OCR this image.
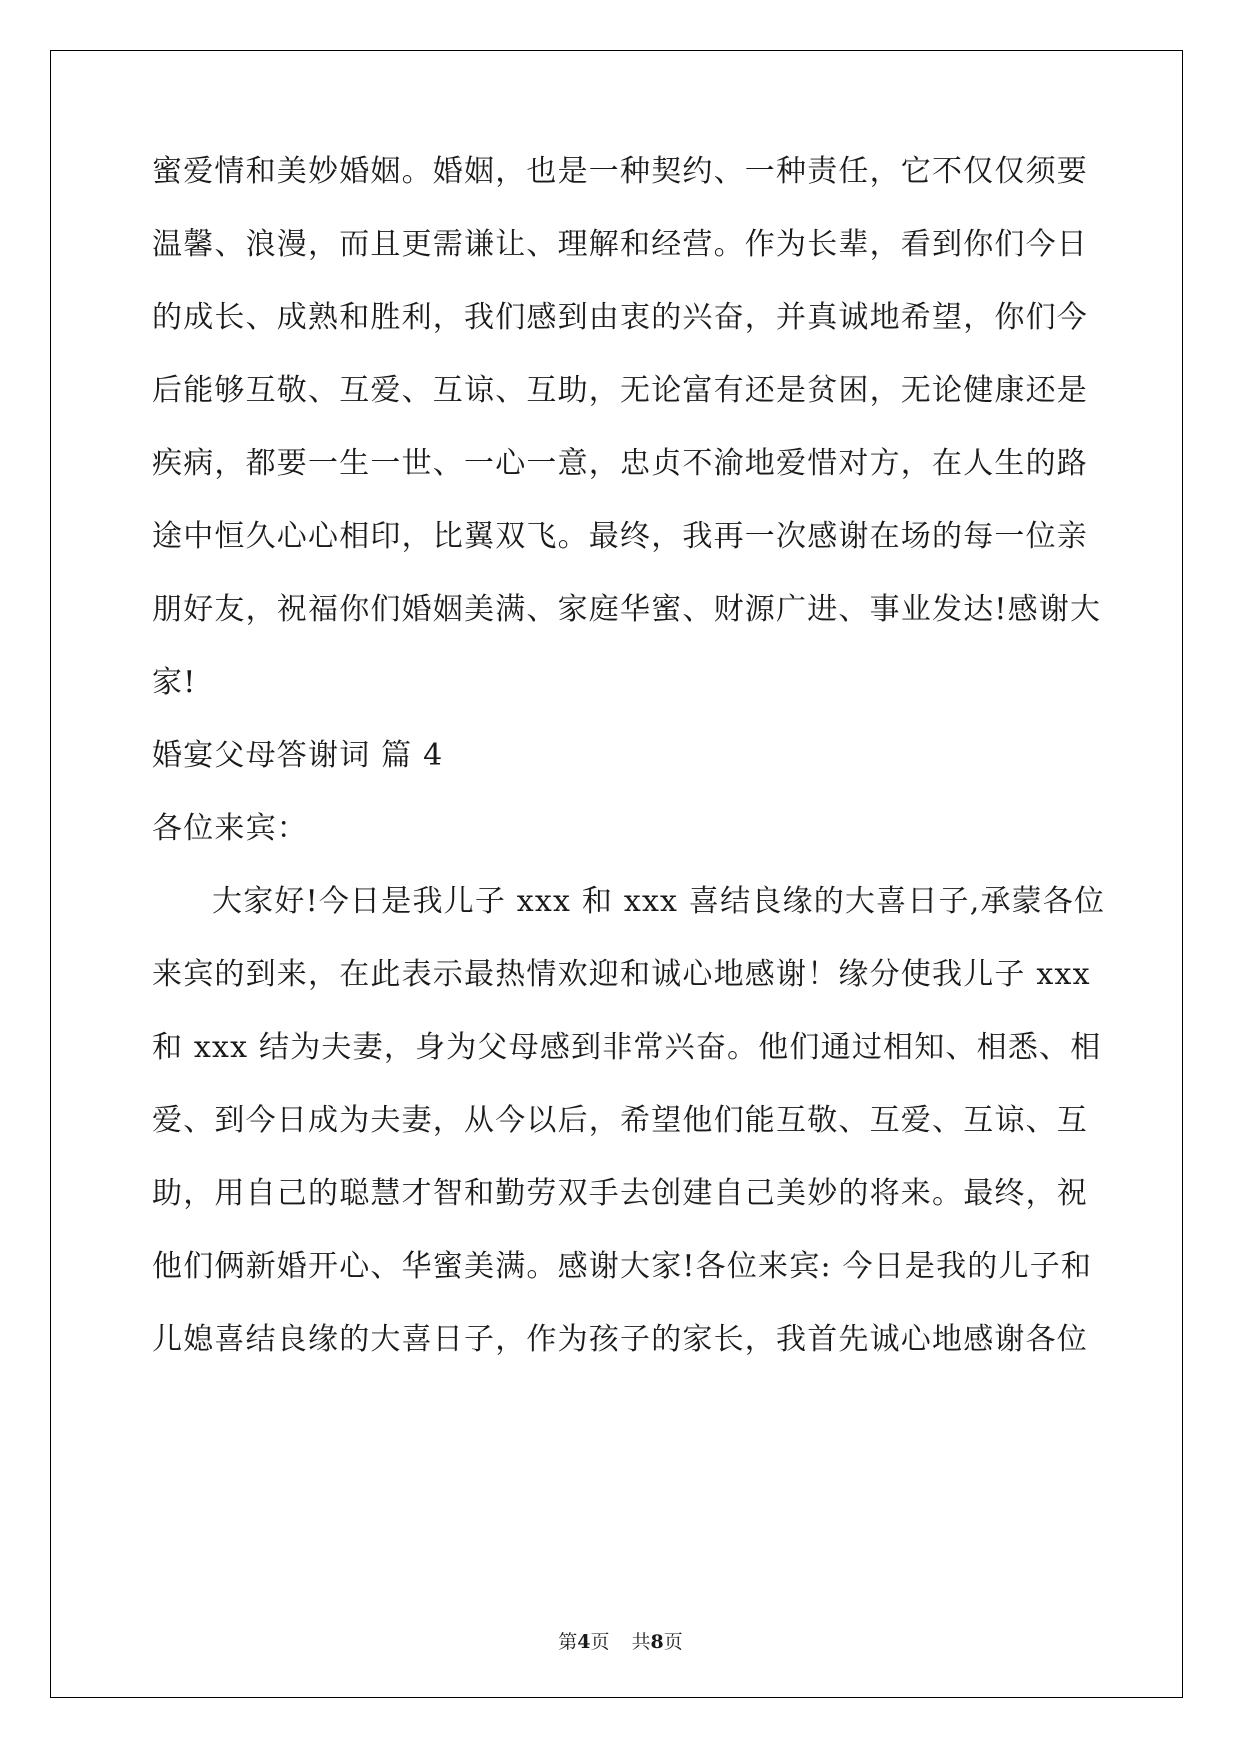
蜜爱情和美妙婚姻。婚姻，也是一种契约、一种责任，它不仅仅须要
温馨、浪漫，而且更需谦让、理解和经营。作为长辈，看到你们今日
的成长、成熟和胜利，我们感到由衷的兴奋，并真诚地希望，你们今
后能够互敬、互爱、互谅、互助，无论富有还是贫困，无论健康还是
疾病，都要一生一世、一心一意，忠贞不渝地爱惜对方，在人生的路
途中恒久心心相印，比翼双飞。最终，我再一次感谢在场的每一位亲
朋好友，祝福你们婚姻美满、家庭华蜜、财源广进、事业发达!感谢大
家!
婚宴父母答谢词 篇 4
各位来宾：
大家好!今日是我儿子 xxx 和 xxx 喜结良缘的大喜日子,承蒙各位
来宾的到来，在此表示最热情欢迎和诚心地感谢！缘分使我儿子 xxx
和 xxx 结为夫妻，身为父母感到非常兴奋。他们通过相知、相悉、相
爱、到今日成为夫妻，从今以后，希望他们能互敬、互爱、互谅、互
助，用自己的聪慧才智和勤劳双手去创建自己美妙的将来。最终，祝
他们俩新婚开心、华蜜美满。感谢大家!各位来宾: 今日是我的儿子和
儿媳喜结良缘的大喜日子，作为孩子的家长，我首先诚心地感谢各位
第4页 共8页
